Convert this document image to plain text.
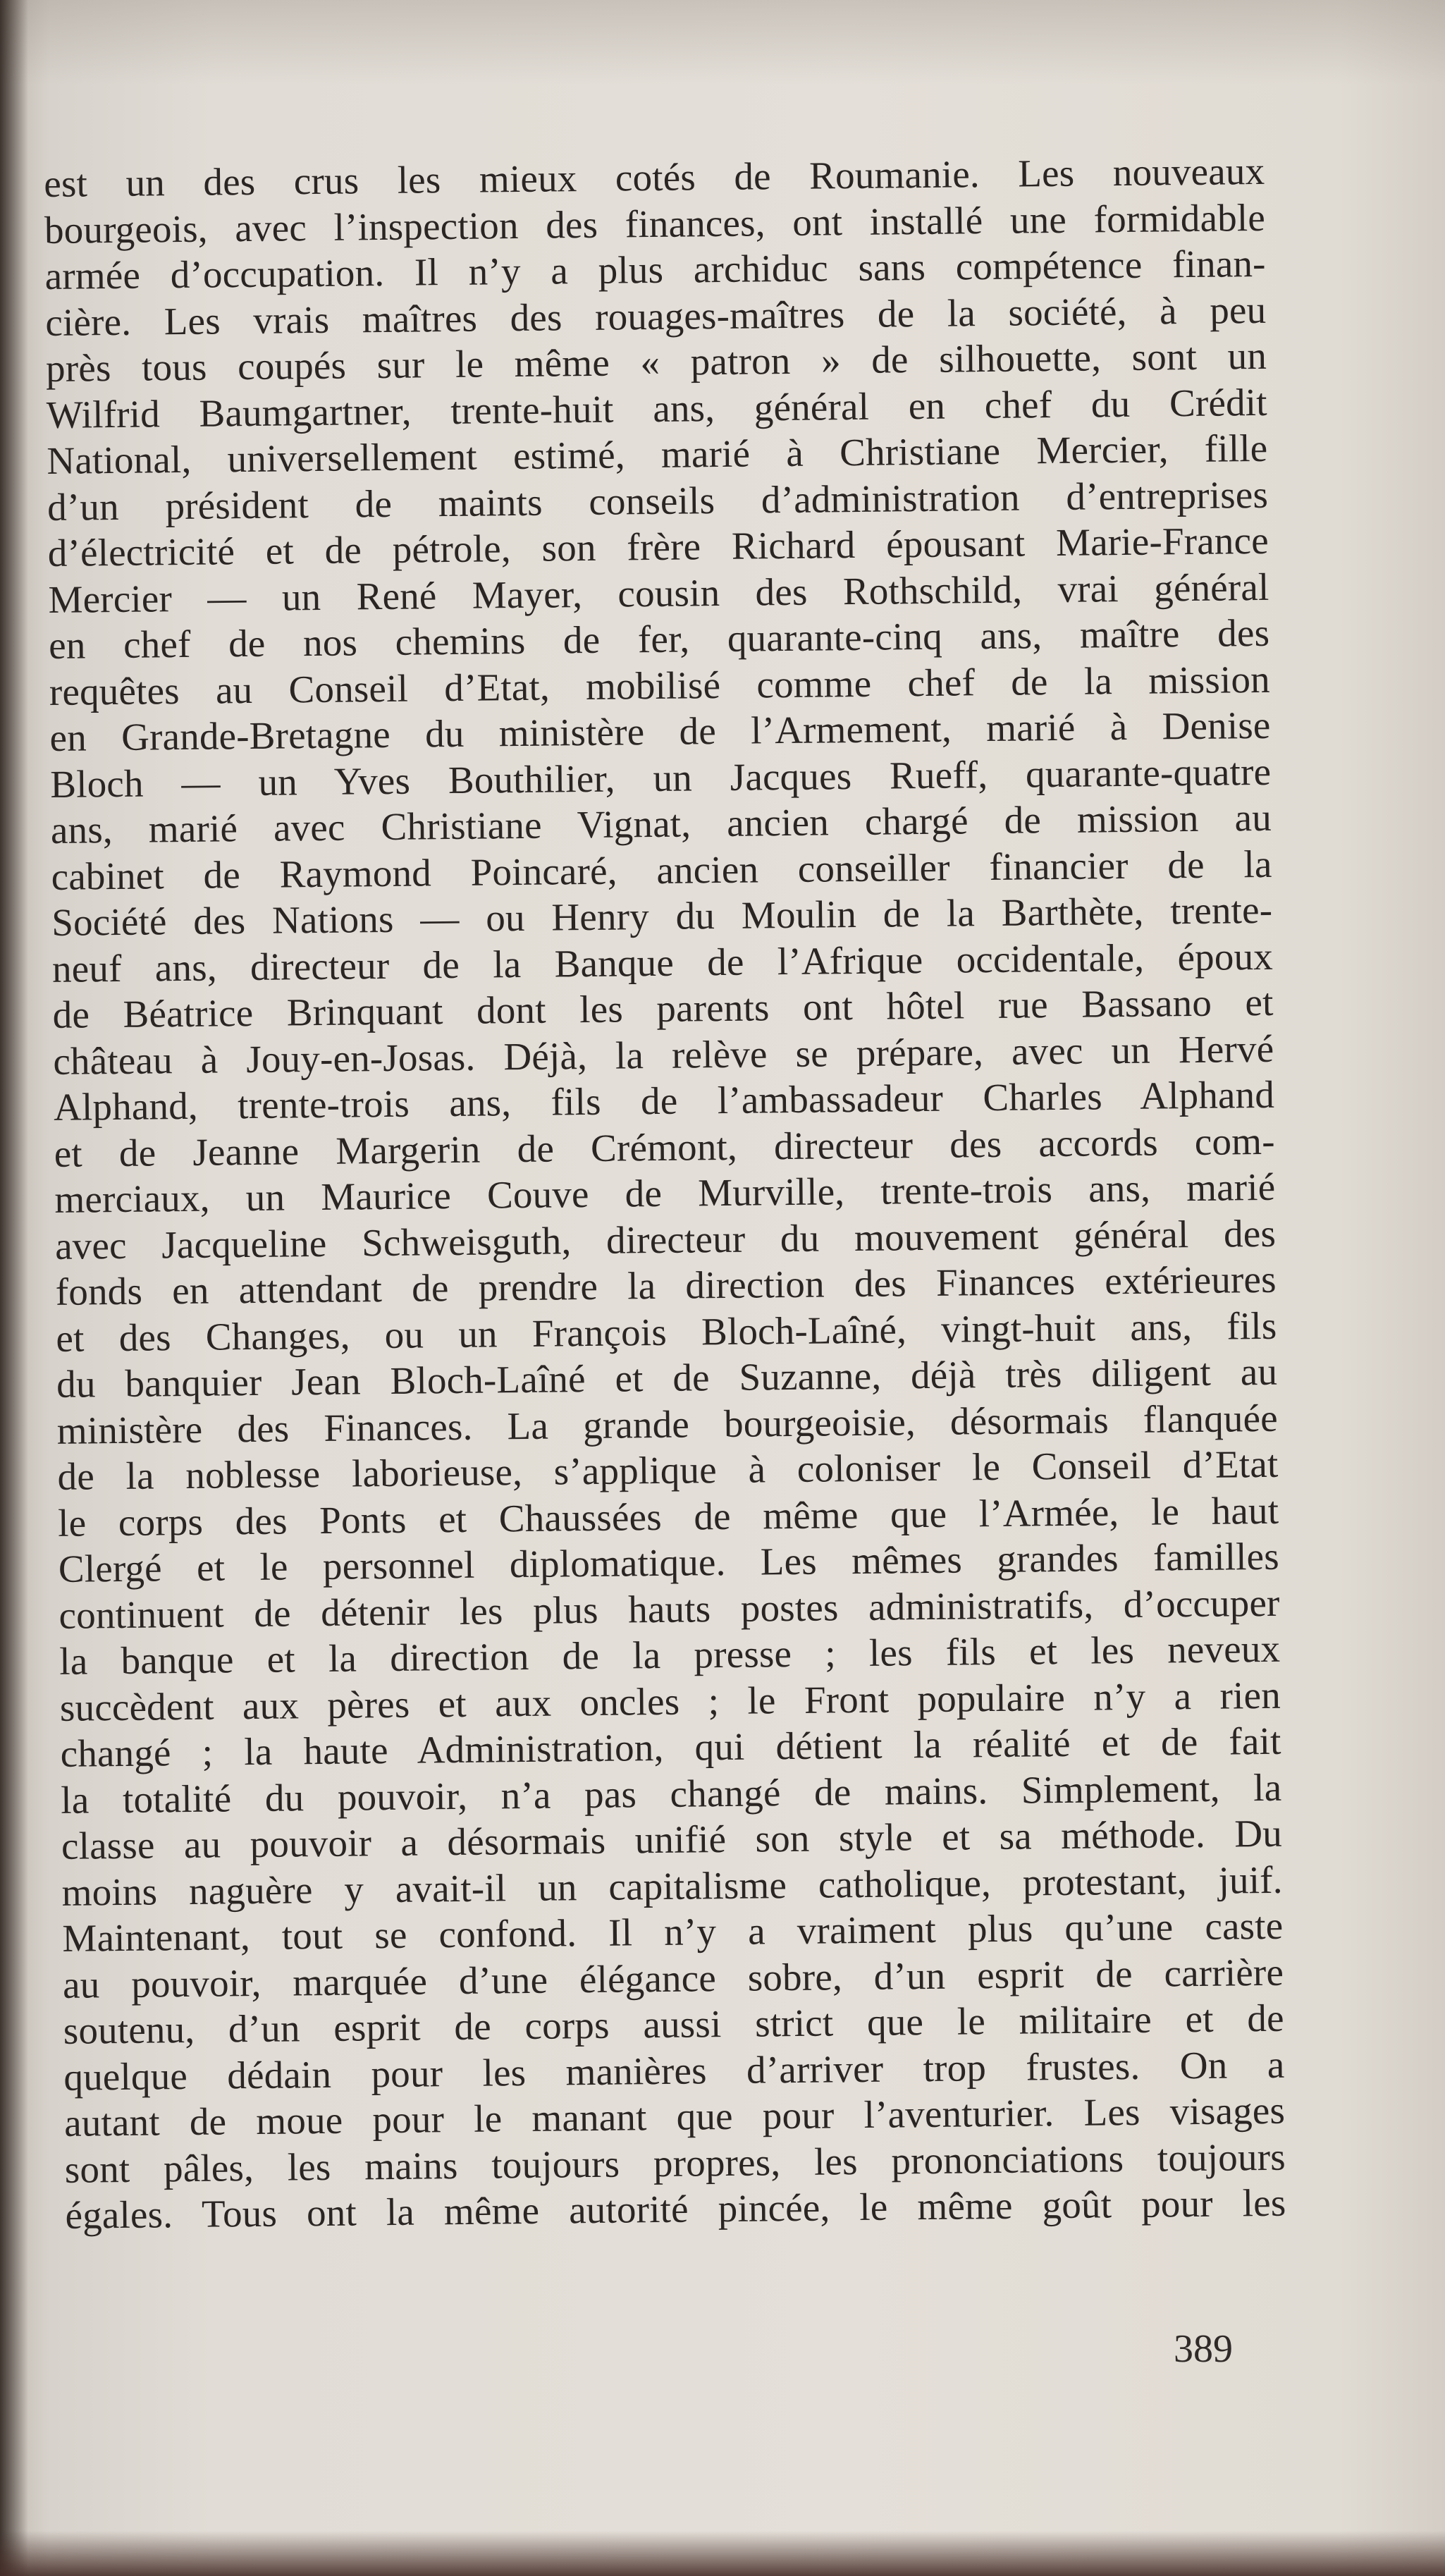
est un des crus les mieux cotés de Roumanie. Les nouveaux
bourgeois, avec l’inspection des finances, ont installé une formidable
armée d’occupation. Il n’y a plus archiduc sans compétence finan-
cière. Les vrais maîtres des rouages-maîtres de la société, à peu
près tous coupés sur le même « patron » de silhouette, sont un
Wilfrid Baumgartner, trente-huit ans, général en chef du Crédit
National, universellement estimé, marié à Christiane Mercier, fille
d’un président de maints conseils d’administration d’entreprises
d’électricité et de pétrole, son frère Richard épousant Marie-France
Mercier — un René Mayer, cousin des Rothschild, vrai général
en chef de nos chemins de fer, quarante-cinq ans, maître des
requêtes au Conseil d’Etat, mobilisé comme chef de la mission
en Grande-Bretagne du ministère de l’Armement, marié à Denise
Bloch — un Yves Bouthilier, un Jacques Rueff, quarante-quatre
ans, marié avec Christiane Vignat, ancien chargé de mission au
cabinet de Raymond Poincaré, ancien conseiller financier de la
Société des Nations — ou Henry du Moulin de la Barthète, trente-
neuf ans, directeur de la Banque de l’Afrique occidentale, époux
de Béatrice Brinquant dont les parents ont hôtel rue Bassano et
château à Jouy-en-Josas. Déjà, la relève se prépare, avec un Hervé
Alphand, trente-trois ans, fils de l’ambassadeur Charles Alphand
et de Jeanne Margerin de Crémont, directeur des accords com-
merciaux, un Maurice Couve de Murville, trente-trois ans, marié
avec Jacqueline Schweisguth, directeur du mouvement général des
fonds en attendant de prendre la direction des Finances extérieures
et des Changes, ou un François Bloch-Laîné, vingt-huit ans, fils
du banquier Jean Bloch-Laîné et de Suzanne, déjà très diligent au
ministère des Finances. La grande bourgeoisie, désormais flanquée
de la noblesse laborieuse, s’applique à coloniser le Conseil d’Etat
le corps des Ponts et Chaussées de même que l’Armée, le haut
Clergé et le personnel diplomatique. Les mêmes grandes familles
continuent de détenir les plus hauts postes administratifs, d’occuper
la banque et la direction de la presse ; les fils et les neveux
succèdent aux pères et aux oncles ; le Front populaire n’y a rien
changé ; la haute Administration, qui détient la réalité et de fait
la totalité du pouvoir, n’a pas changé de mains. Simplement, la
classe au pouvoir a désormais unifié son style et sa méthode. Du
moins naguère y avait-il un capitalisme catholique, protestant, juif.
Maintenant, tout se confond. Il n’y a vraiment plus qu’une caste
au pouvoir, marquée d’une élégance sobre, d’un esprit de carrière
soutenu, d’un esprit de corps aussi strict que le militaire et de
quelque dédain pour les manières d’arriver trop frustes. On a
autant de moue pour le manant que pour l’aventurier. Les visages
sont pâles, les mains toujours propres, les prononciations toujours
égales. Tous ont la même autorité pincée, le même goût pour les
389
